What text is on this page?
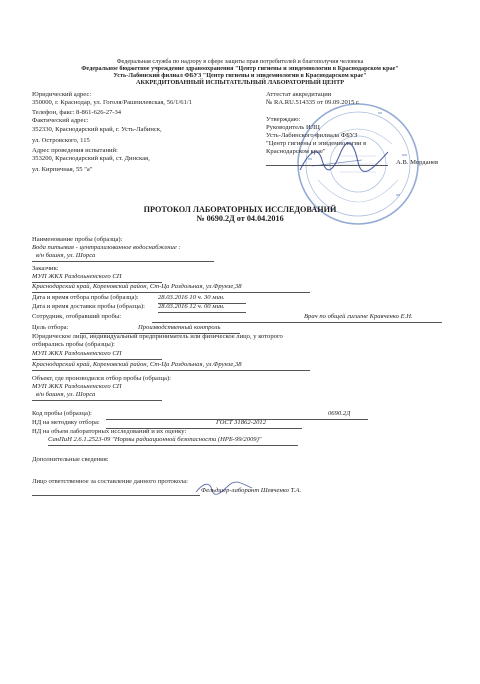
Федеральная служба по надзору в сфере защиты прав потребителей и благополучия человека
Федеральное бюджетное учреждение здравоохранения "Центр гигиены и эпидемиологии в Краснодарском крае"
Усть-Лабинский филиал ФБУЗ "Центр гигиены и эпидемиологии в Краснодарском крае"
АККРЕДИТОВАННЫЙ ИСПЫТАТЕЛЬНЫЙ ЛАБОРАТОРНЫЙ ЦЕНТР
Юридический адрес:
350000, г. Краснодар, ул. Гоголя/Рашпилевская, 56/1/61/1
Телефон, факс: 8-861-626-27-34
Фактический адрес:
352330, Краснодарский край, г. Усть-Лабинск,
ул. Островского, 115
Адрес проведения испытаний:
353200, Краснодарский край, ст. Динская,
ул. Кирпичная, 55 "а"
Аттестат аккредитации
№ RA.RU.514335 от 09.09.2015 г.
Утверждаю:
Руководитель ИЛЦ
Усть-Лабинского филиала ФБУЗ
"Центр гигиены и эпидемиологии в
Краснодарском крае"
А.В. Морданев
ПРОТОКОЛ ЛАБОРАТОРНЫХ ИССЛЕДОВАНИЙ
№ 0690.2Д от 04.04.2016
Наименование пробы (образца):
Вода питьевая - централизованное водоснабжение :
в/н башня, ул. Шорса
Заказчик:
МУП ЖКХ Раздольненского СП
Краснодарский край, Кореновский район, Ст-Ца Раздольная, ул.Фрунзе,38
Дата и время отбора пробы (образца):	28.03.2016 10 ч. 30 мин.
Дата и время доставки пробы (образца): 28.03.2016 12 ч. 00 мин.
Сотрудник, отобравший пробы:	Врач по общей гигиене Кравченко Е.Н.
Цель отбора:	Производственный контроль
Юридическое лицо, индивидуальный предприниматель или физическое лицо, у которого
отбирались пробы (образцы):
МУП ЖКХ Раздольненского СП
Краснодарский край, Кореновский район, Ст-Ца Раздольная, ул.Фрунзе,38
Объект, где производился отбор пробы (образца):
МУП ЖКХ Раздольненского СП
в/н башня, ул. Шорса
Код пробы (образца):	0690.2Д
НД на методику отбора:	ГОСТ 31862-2012
НД на объем лабораторных исследований и их оценку:
СанПиН 2.6.1.2523-09 "Нормы радиационной безопасности (НРБ-99/2009)"
Дополнительные сведения:
Лицо ответственное за составление данного протокола:
Фельдшер-лаборант Шевченко Т.А.
